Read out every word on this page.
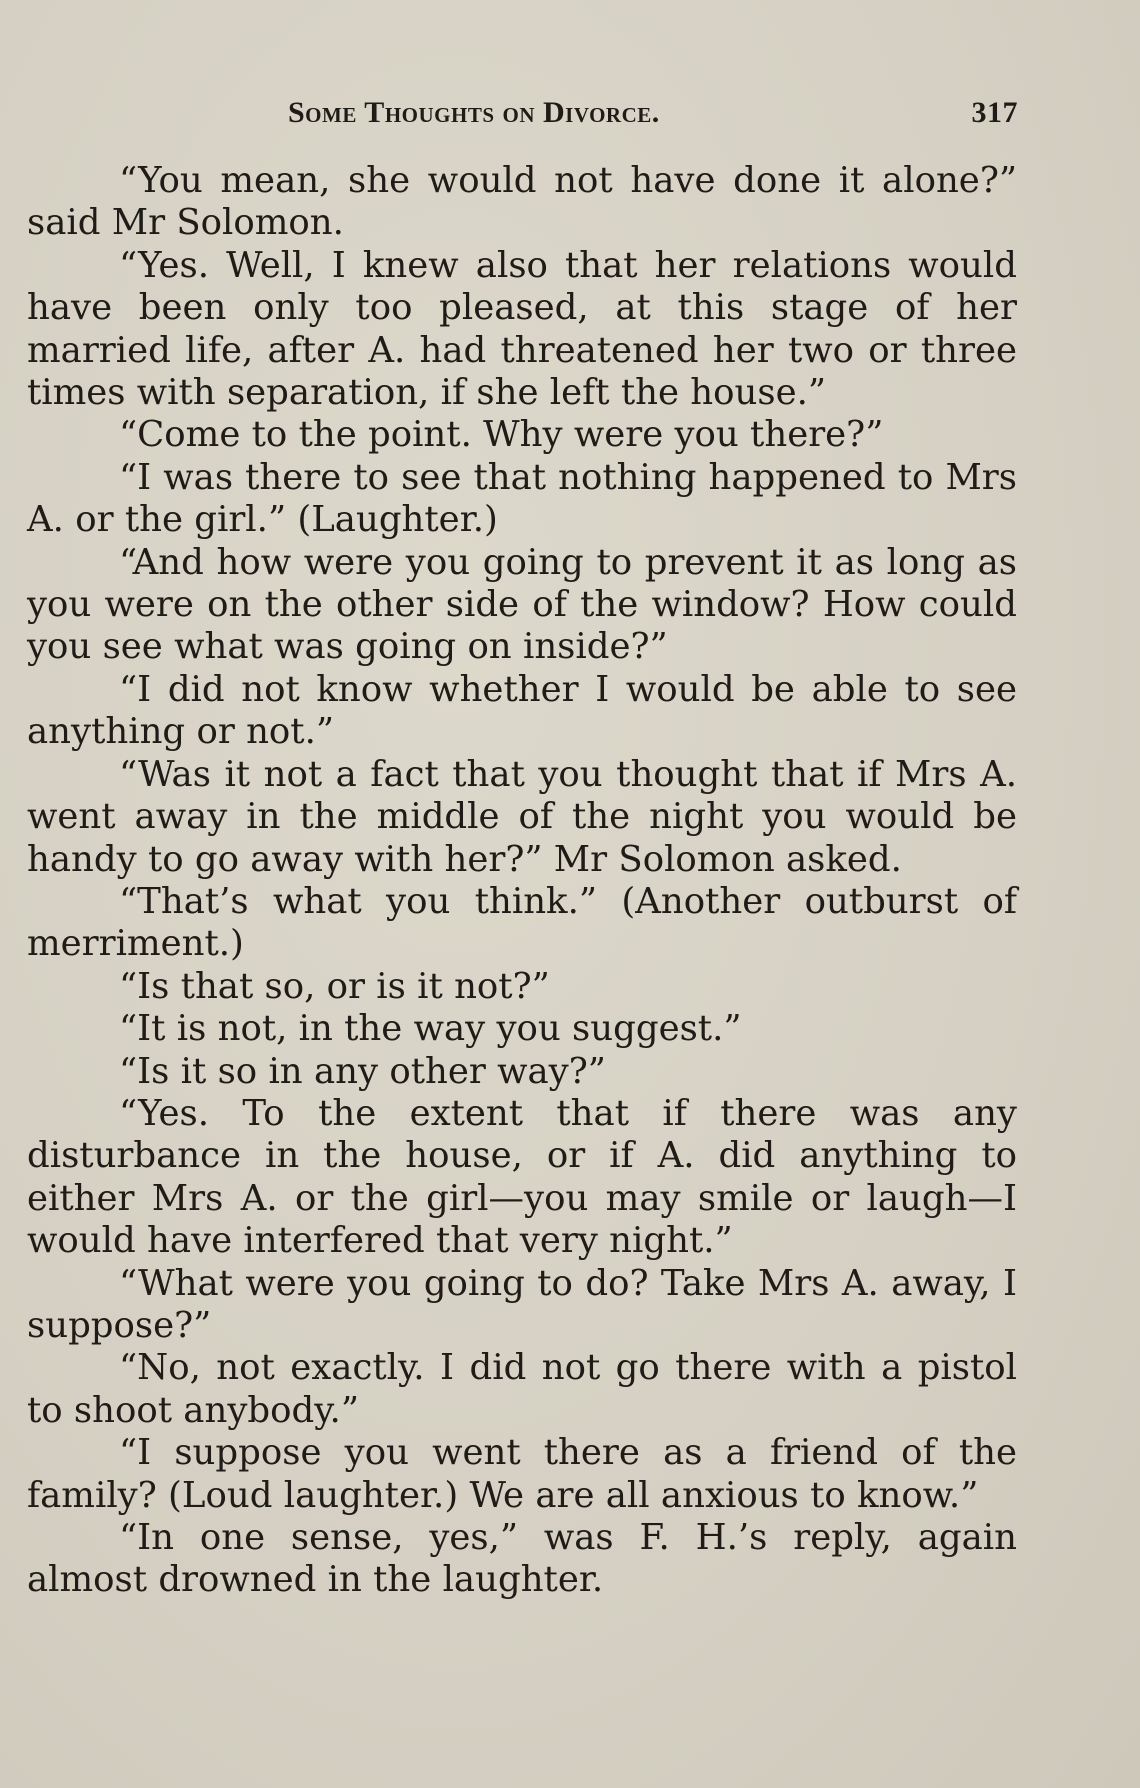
Some Thoughts on Divorce.	317

“You mean, she would not have done it alone?” said Mr Solomon.

“Yes. Well, I knew also that her relations would have been only too pleased, at this stage of her married life, after A. had threatened her two or three times with separation, if she left the house.”

“Come to the point. Why were you there?”

“I was there to see that nothing happened to Mrs A. or the girl.” (Laughter.)

“And how were you going to prevent it as long as you were on the other side of the window? How could you see what was going on inside?”

“I did not know whether I would be able to see anything or not.”

“Was it not a fact that you thought that if Mrs A. went away in the middle of the night you would be handy to go away with her?” Mr Solomon asked.

“That’s what you think.” (Another outburst of merriment.)

“Is that so, or is it not?”

“It is not, in the way you suggest.”

“Is it so in any other way?”

“Yes. To the extent that if there was any disturbance in the house, or if A. did anything to either Mrs A. or the girl—you may smile or laugh—I would have interfered that very night.”

“What were you going to do? Take Mrs A. away, I suppose?”

“No, not exactly. I did not go there with a pistol to shoot anybody.”

“I suppose you went there as a friend of the family? (Loud laughter.) We are all anxious to know.”

“In one sense, yes,” was F. H.’s reply, again almost drowned in the laughter.
